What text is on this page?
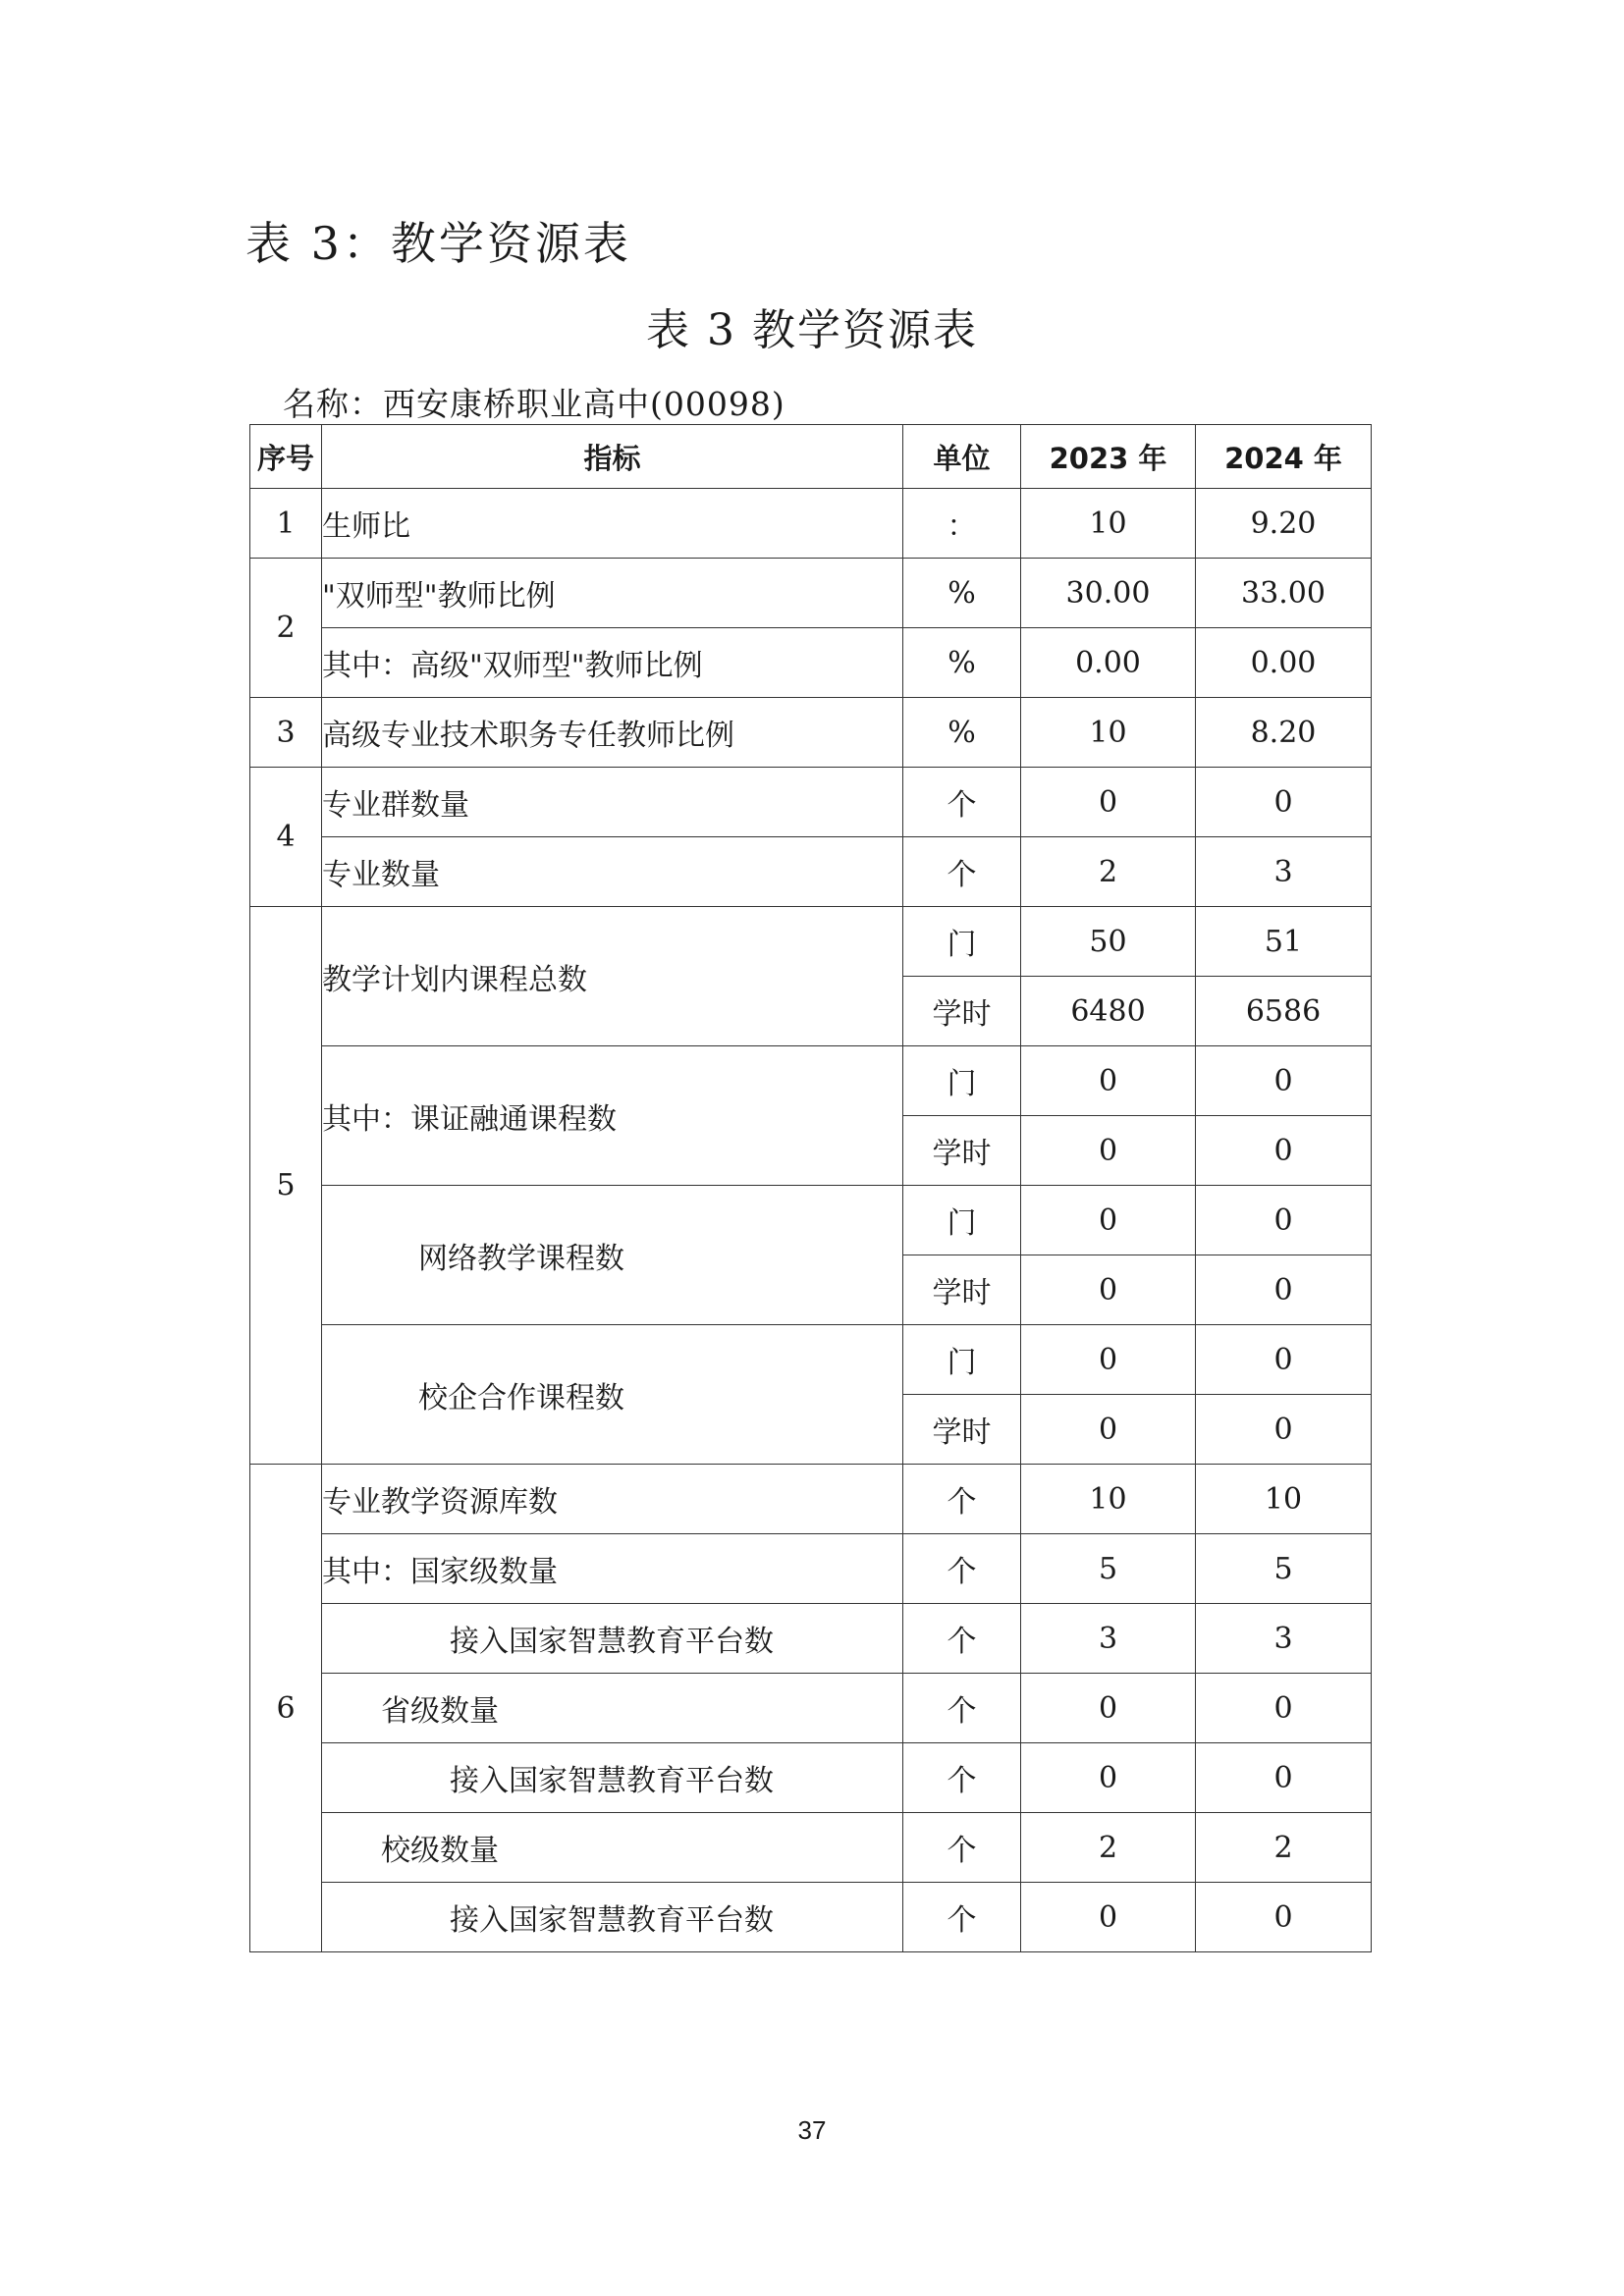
表 3：教学资源表
表 3 教学资源表
名称：西安康桥职业高中(00098)
序号	指标	单位	2023 年	2024 年
1	生师比	：	10	9.20
2	"双师型"教师比例	%	30.00	33.00
	其中：高级"双师型"教师比例	%	0.00	0.00
3	高级专业技术职务专任教师比例	%	10	8.20
4	专业群数量	个	0	0
	专业数量	个	2	3
5	教学计划内课程总数	门	50	51
		学时	6480	6586
	其中：课证融通课程数	门	0	0
		学时	0	0
	网络教学课程数	门	0	0
		学时	0	0
	校企合作课程数	门	0	0
		学时	0	0
6	专业教学资源库数	个	10	10
	其中：国家级数量	个	5	5
	接入国家智慧教育平台数	个	3	3
	省级数量	个	0	0
	接入国家智慧教育平台数	个	0	0
	校级数量	个	2	2
	接入国家智慧教育平台数	个	0	0
37
